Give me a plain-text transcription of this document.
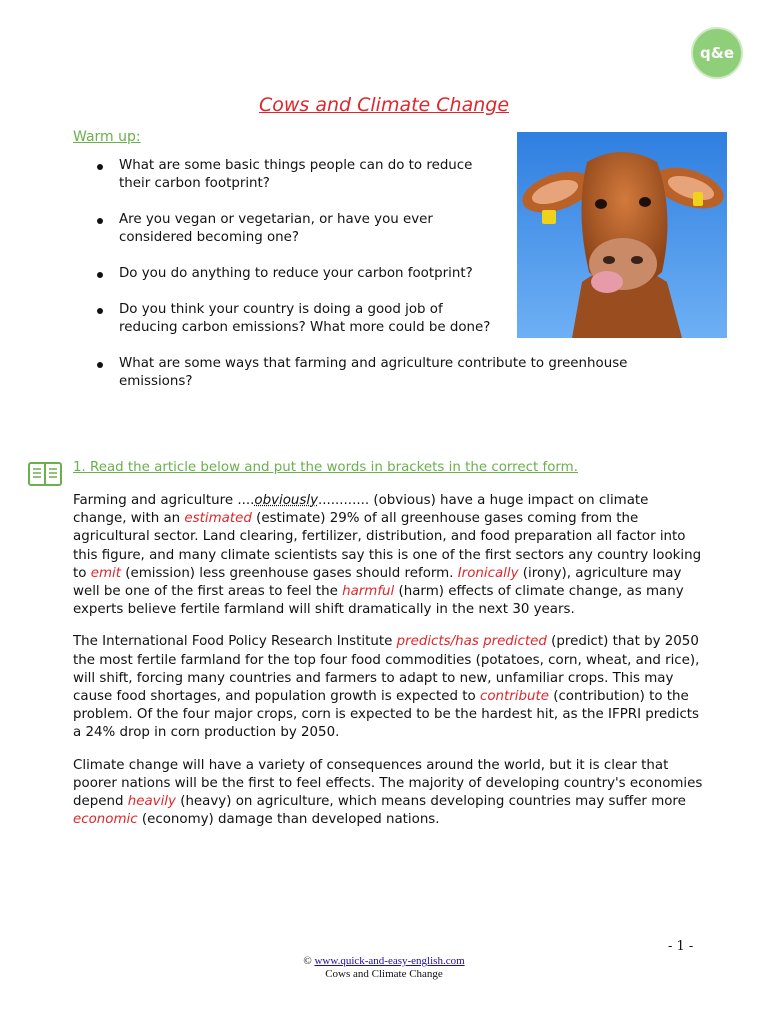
q&e
Cows and Climate Change
Warm up:
What are some basic things people can do to reduce
their carbon footprint?
Are you vegan or vegetarian, or have you ever
considered becoming one?
Do you do anything to reduce your carbon footprint?
Do you think your country is doing a good job of
reducing carbon emissions? What more could be done?
What are some ways that farming and agriculture contribute to greenhouse
emissions?
1. Read the article below and put the words in brackets in the correct form.

Farming and agriculture ....obviously............ (obvious) have a huge impact on climate change, with an estimated (estimate) 29% of all greenhouse gases coming from the agricultural sector. Land clearing, fertilizer, distribution, and food preparation all factor into this figure, and many climate scientists say this is one of the first sectors any country looking to emit (emission) less greenhouse gases should reform. Ironically (irony), agriculture may well be one of the first areas to feel the harmful (harm) effects of climate change, as many experts believe fertile farmland will shift dramatically in the next 30 years.

The International Food Policy Research Institute predicts/has predicted (predict) that by 2050 the most fertile farmland for the top four food commodities (potatoes, corn, wheat, and rice), will shift, forcing many countries and farmers to adapt to new, unfamiliar crops. This may cause food shortages, and population growth is expected to contribute (contribution) to the problem. Of the four major crops, corn is expected to be the hardest hit, as the IFPRI predicts a 24% drop in corn production by 2050.

Climate change will have a variety of consequences around the world, but it is clear that poorer nations will be the first to feel effects. The majority of developing country's economies depend heavily (heavy) on agriculture, which means developing countries may suffer more economic (economy) damage than developed nations.

- 1 -
© www.quick-and-easy-english.com
Cows and Climate Change
